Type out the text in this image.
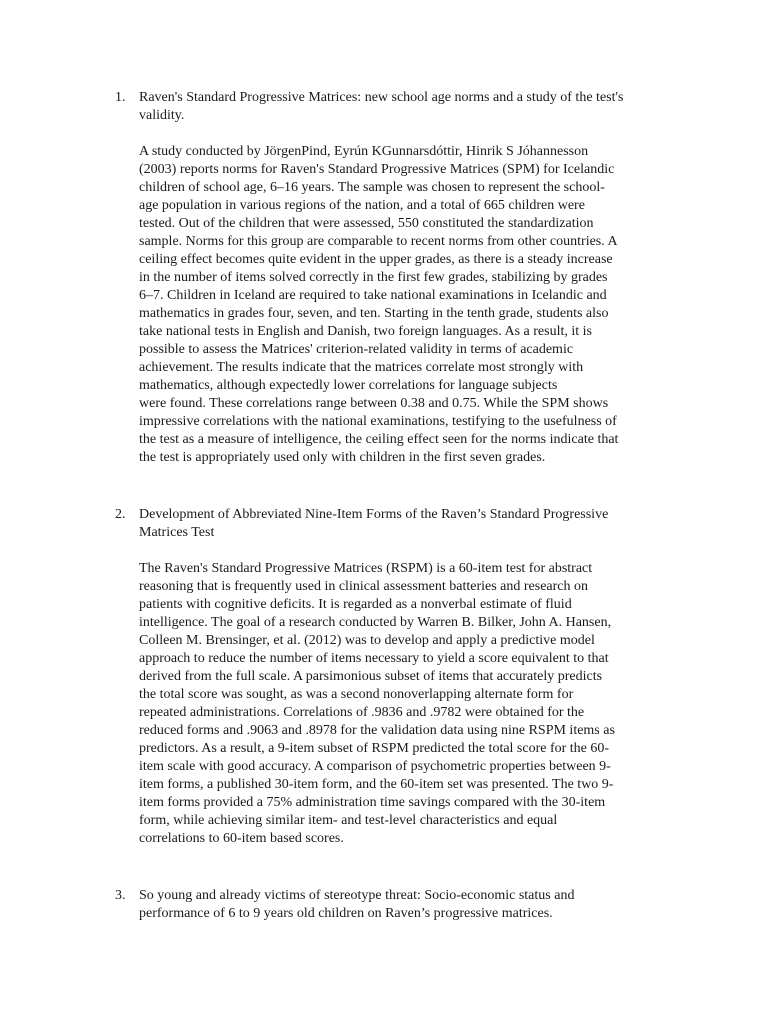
1. Raven's Standard Progressive Matrices: new school age norms and a study of the test's
validity.

A study conducted by JörgenPind, Eyrún KGunnarsdóttir, Hinrik S Jóhannesson
(2003) reports norms for Raven's Standard Progressive Matrices (SPM) for Icelandic
children of school age, 6–16 years. The sample was chosen to represent the school-
age population in various regions of the nation, and a total of 665 children were
tested. Out of the children that were assessed, 550 constituted the standardization
sample. Norms for this group are comparable to recent norms from other countries. A
ceiling effect becomes quite evident in the upper grades, as there is a steady increase
in the number of items solved correctly in the first few grades, stabilizing by grades
6–7. Children in Iceland are required to take national examinations in Icelandic and
mathematics in grades four, seven, and ten. Starting in the tenth grade, students also
take national tests in English and Danish, two foreign languages. As a result, it is
possible to assess the Matrices' criterion-related validity in terms of academic
achievement. The results indicate that the matrices correlate most strongly with
mathematics, although expectedly lower correlations for language subjects
were found. These correlations range between 0.38 and 0.75. While the SPM shows
impressive correlations with the national examinations, testifying to the usefulness of
the test as a measure of intelligence, the ceiling effect seen for the norms indicate that
the test is appropriately used only with children in the first seven grades.

2. Development of Abbreviated Nine-Item Forms of the Raven’s Standard Progressive
Matrices Test

The Raven's Standard Progressive Matrices (RSPM) is a 60-item test for abstract
reasoning that is frequently used in clinical assessment batteries and research on
patients with cognitive deficits. It is regarded as a nonverbal estimate of fluid
intelligence. The goal of a research conducted by Warren B. Bilker, John A. Hansen,
Colleen M. Brensinger, et al. (2012) was to develop and apply a predictive model
approach to reduce the number of items necessary to yield a score equivalent to that
derived from the full scale. A parsimonious subset of items that accurately predicts
the total score was sought, as was a second nonoverlapping alternate form for
repeated administrations. Correlations of .9836 and .9782 were obtained for the
reduced forms and .9063 and .8978 for the validation data using nine RSPM items as
predictors. As a result, a 9-item subset of RSPM predicted the total score for the 60-
item scale with good accuracy. A comparison of psychometric properties between 9-
item forms, a published 30-item form, and the 60-item set was presented. The two 9-
item forms provided a 75% administration time savings compared with the 30-item
form, while achieving similar item- and test-level characteristics and equal
correlations to 60-item based scores.

3. So young and already victims of stereotype threat: Socio-economic status and
performance of 6 to 9 years old children on Raven’s progressive matrices.
